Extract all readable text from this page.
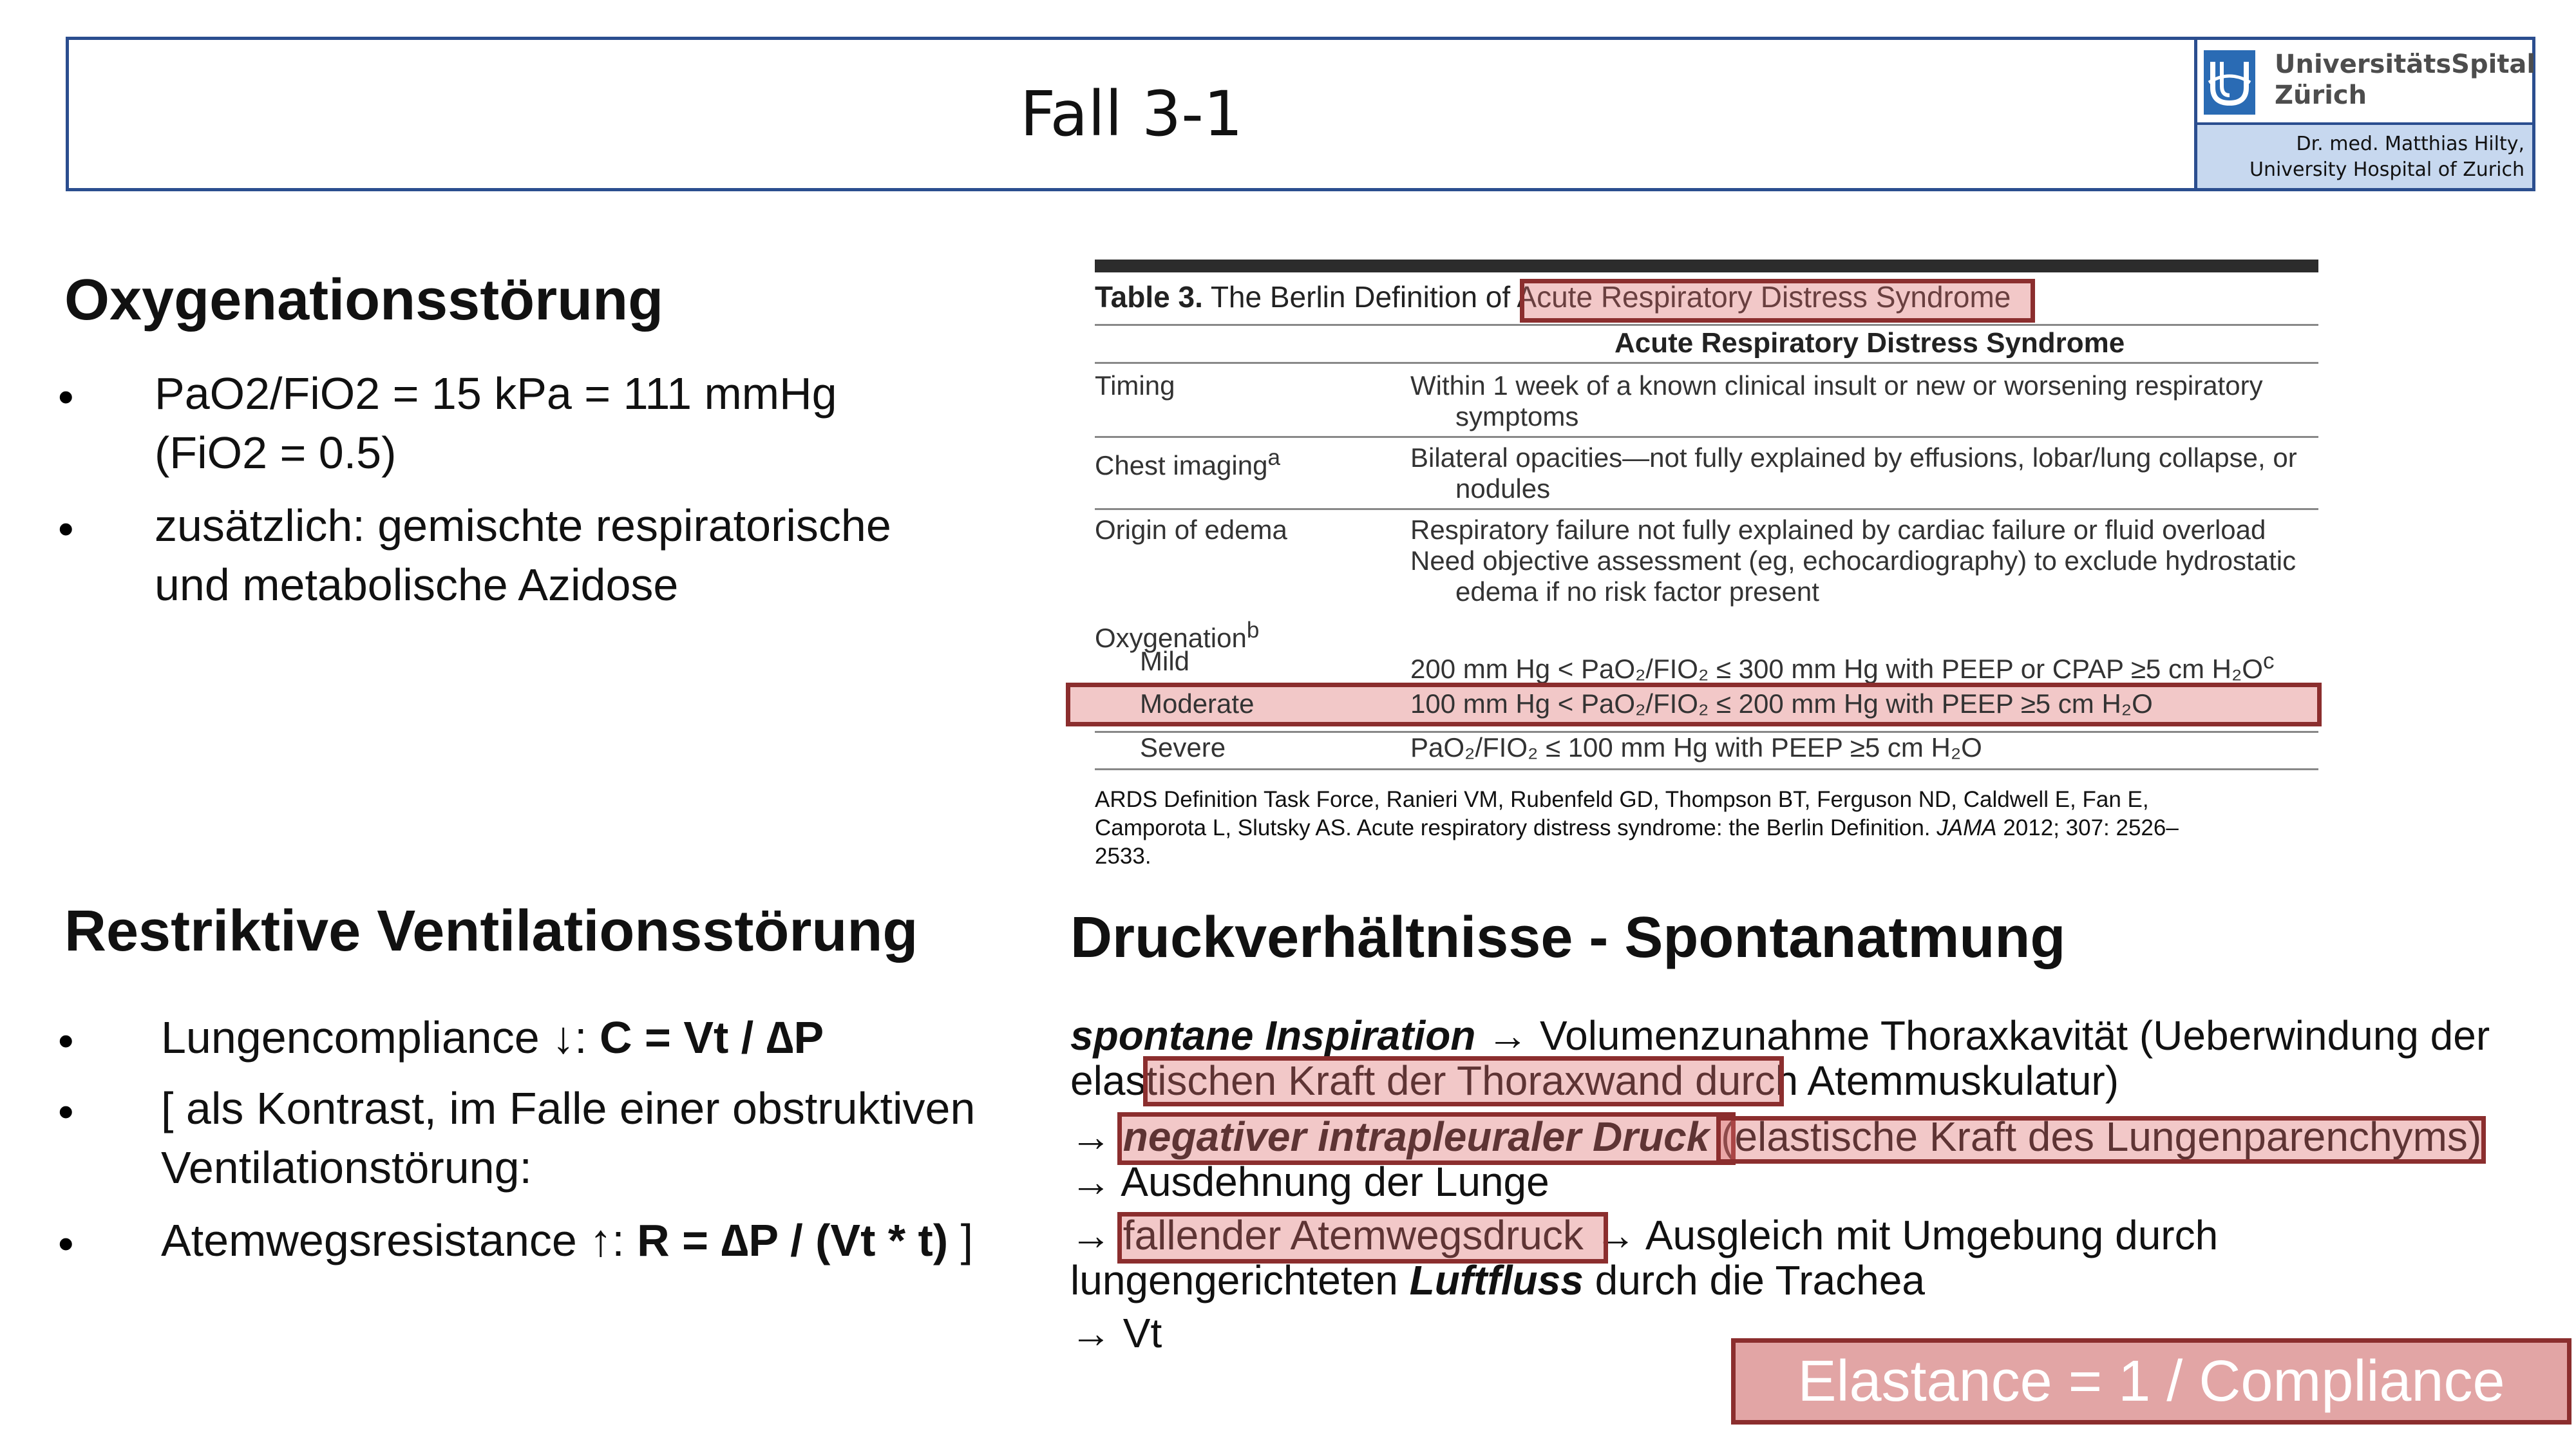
Fall 3-1
UniversitätsSpital
Zürich
Dr. med. Matthias Hilty,
University Hospital of Zurich
Oxygenationsstörung
• PaO2/FiO2 = 15 kPa = 111 mmHg
(FiO2 = 0.5)
• zusätzlich: gemischte respiratorische
und metabolische Azidose
Restriktive Ventilationsstörung
• Lungencompliance ↓: C = Vt / ∆P
• [ als Kontrast, im Falle einer obstruktiven
Ventilationstörung:
• Atemwegsresistance ↑: R = ∆P / (Vt * t) ]
Table 3. The Berlin Definition of Acute Respiratory Distress Syndrome
Acute Respiratory Distress Syndrome
Timing	Within 1 week of a known clinical insult or new or worsening respiratory
symptoms
Chest imaging$^a$	Bilateral opacities—not fully explained by effusions, lobar/lung collapse, or
nodules
Origin of edema	Respiratory failure not fully explained by cardiac failure or fluid overload
Need objective assessment (eg, echocardiography) to exclude hydrostatic
edema if no risk factor present
Oxygenation$^b$
Mild	200 mm Hg < PaO₂/FIO₂ ≤ 300 mm Hg with PEEP or CPAP ≥5 cm $H_2O^c$
Moderate	100 mm Hg < PaO₂/FIO₂ ≤ 200 mm Hg with PEEP ≥5 cm H₂O
Severe	PaO₂/FIO₂ ≤ 100 mm Hg with PEEP ≥5 cm H₂O
ARDS Definition Task Force, Ranieri VM, Rubenfeld GD, Thompson BT, Ferguson ND, Caldwell E, Fan E,
Camporota L, Slutsky AS. Acute respiratory distress syndrome: the Berlin Definition. JAMA 2012; 307: 2526–
2533.
Druckverhältnisse - Spontanatmung
spontane Inspiration → Volumenzunahme Thoraxkavität (Ueberwindung der
elastischen Kraft der Thoraxwand durch Atemmuskulatur)
→ negativer intrapleuraler Druck (elastische Kraft des Lungenparenchyms)
→ Ausdehnung der Lunge
→ fallender Atemwegsdruck → Ausgleich mit Umgebung durch
lungengerichteten Luftfluss durch die Trachea
→ Vt
Elastance = 1 / Compliance
